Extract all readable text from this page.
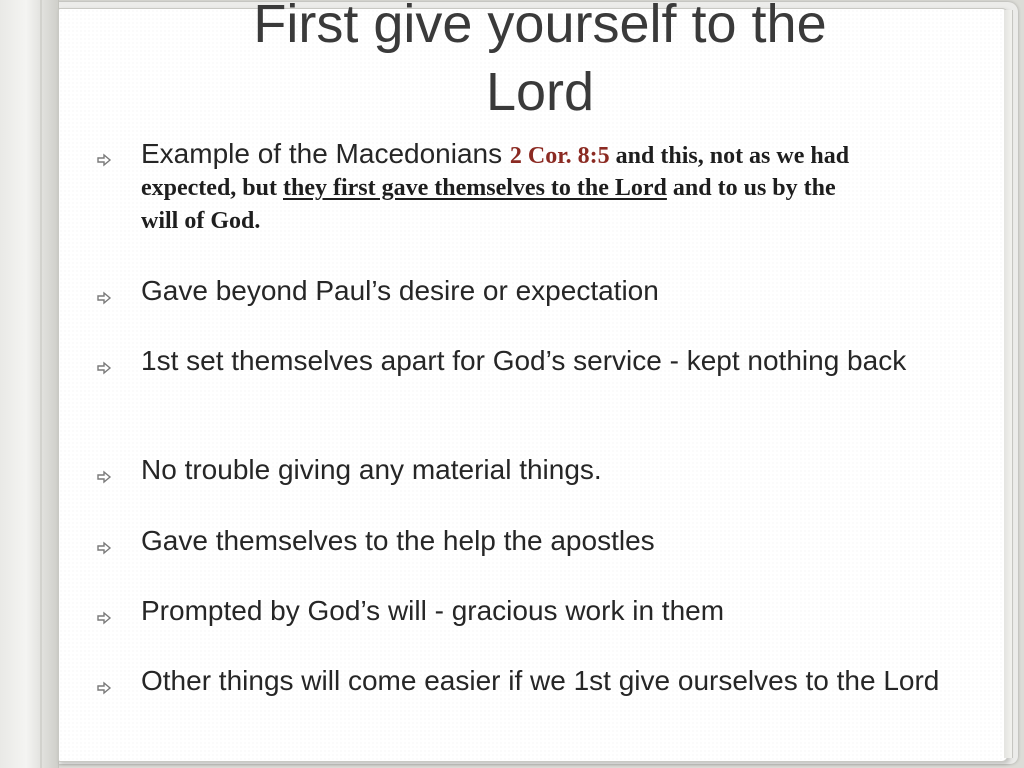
First give yourself to the
Lord
Example of the Macedonians 2 Cor. 8:5 and this, not as we had
expected, but they first gave themselves to the Lord and to us by the
will of God.
Gave beyond Paul’s desire or expectation
1st set themselves apart for God’s service - kept nothing back
No trouble giving any material things.
Gave themselves to the help the apostles
Prompted by God’s will - gracious work in them
Other things will come easier if we 1st give ourselves to the Lord
